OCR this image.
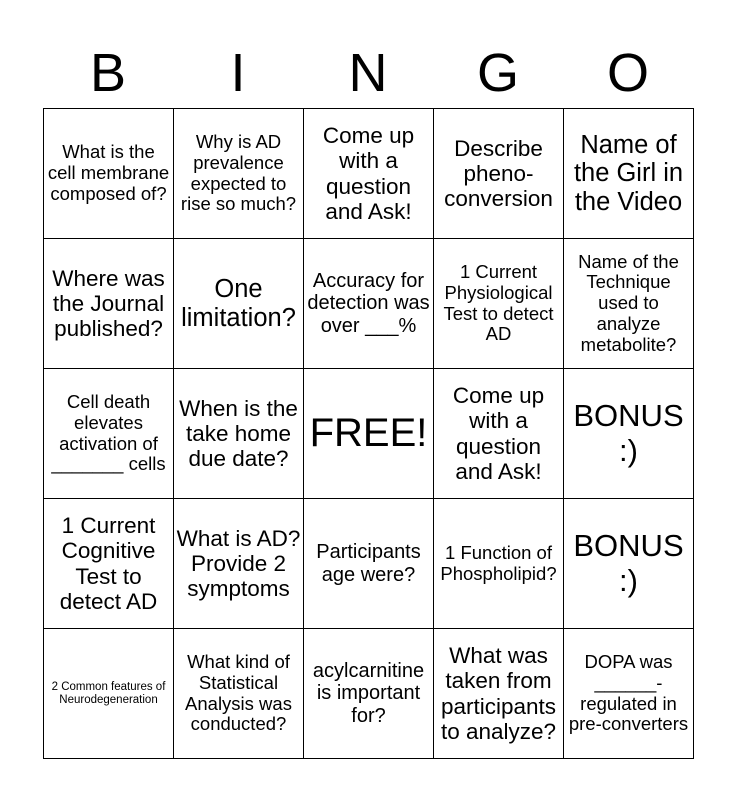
B	I	N	G	O
What is the cell membrane composed of?	Why is AD prevalence expected to rise so much?	Come up with a question and Ask!	Describe pheno-conversion	Name of the Girl in the Video
Where was the Journal published?	One limitation?	Accuracy for detection was over ___%	1 Current Physiological Test to detect AD	Name of the Technique used to analyze metabolite?
Cell death elevates activation of _______ cells	When is the take home due date?	FREE!	Come up with a question and Ask!	BONUS :)
1 Current Cognitive Test to detect AD	What is AD? Provide 2 symptoms	Participants age were?	1 Function of Phospholipid?	BONUS :)
2 Common features of Neurodegeneration	What kind of Statistical Analysis was conducted?	acylcarnitine is important for?	What was taken from participants to analyze?	DOPA was ______-regulated in pre-converters
